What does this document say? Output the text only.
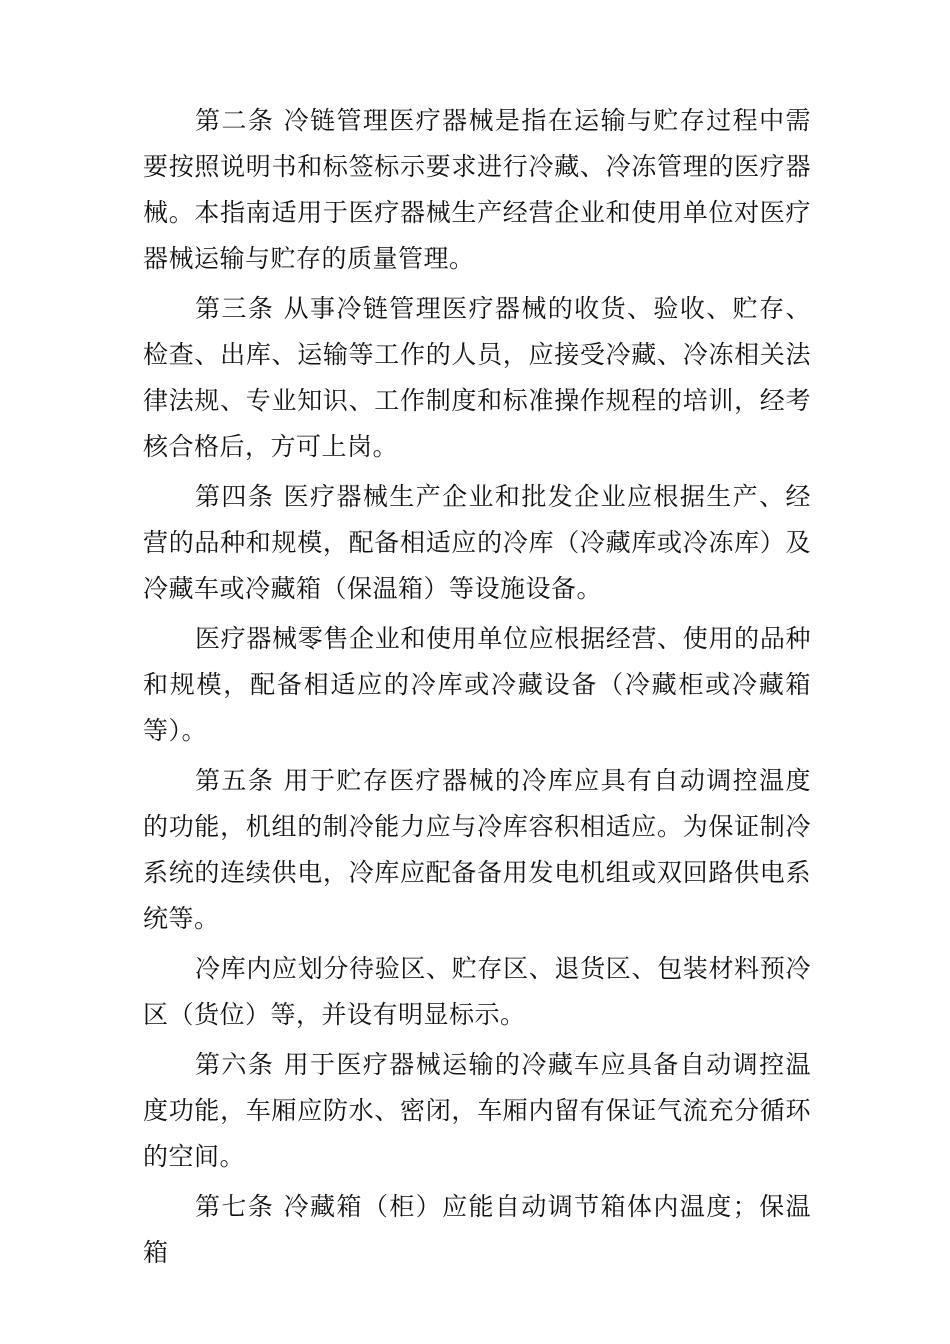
第二条 冷链管理医疗器械是指在运输与贮存过程中需要按照说明书和标签标示要求进行冷藏、冷冻管理的医疗器械。本指南适用于医疗器械生产经营企业和使用单位对医疗器械运输与贮存的质量管理。

第三条 从事冷链管理医疗器械的收货、验收、贮存、检查、出库、运输等工作的人员，应接受冷藏、冷冻相关法律法规、专业知识、工作制度和标准操作规程的培训，经考核合格后，方可上岗。

第四条 医疗器械生产企业和批发企业应根据生产、经营的品种和规模，配备相适应的冷库（冷藏库或冷冻库）及冷藏车或冷藏箱（保温箱）等设施设备。

医疗器械零售企业和使用单位应根据经营、使用的品种和规模，配备相适应的冷库或冷藏设备（冷藏柜或冷藏箱等）。

第五条 用于贮存医疗器械的冷库应具有自动调控温度的功能，机组的制冷能力应与冷库容积相适应。为保证制冷系统的连续供电，冷库应配备备用发电机组或双回路供电系统等。

冷库内应划分待验区、贮存区、退货区、包装材料预冷区（货位）等，并设有明显标示。

第六条 用于医疗器械运输的冷藏车应具备自动调控温度功能，车厢应防水、密闭，车厢内留有保证气流充分循环的空间。

第七条 冷藏箱（柜）应能自动调节箱体内温度；保温箱
